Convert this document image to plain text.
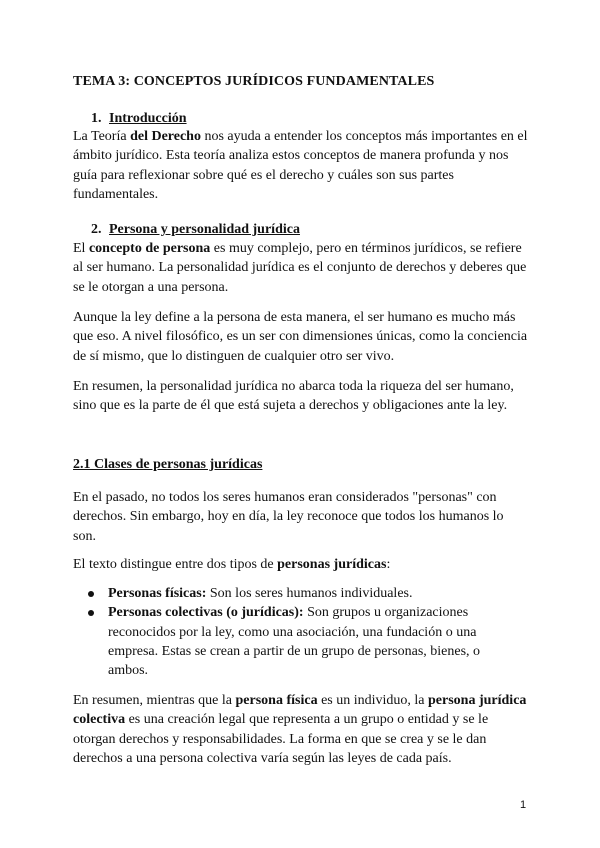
TEMA 3: CONCEPTOS JURÍDICOS FUNDAMENTALES
1. Introducción

La Teoría del Derecho nos ayuda a entender los conceptos más importantes en el ámbito jurídico. Esta teoría analiza estos conceptos de manera profunda y nos guía para reflexionar sobre qué es el derecho y cuáles son sus partes fundamentales.

2. Persona y personalidad jurídica

El concepto de persona es muy complejo, pero en términos jurídicos, se refiere al ser humano. La personalidad jurídica es el conjunto de derechos y deberes que se le otorgan a una persona.

Aunque la ley define a la persona de esta manera, el ser humano es mucho más que eso. A nivel filosófico, es un ser con dimensiones únicas, como la conciencia de sí mismo, que lo distinguen de cualquier otro ser vivo.

En resumen, la personalidad jurídica no abarca toda la riqueza del ser humano, sino que es la parte de él que está sujeta a derechos y obligaciones ante la ley.

2.1 Clases de personas jurídicas

En el pasado, no todos los seres humanos eran considerados "personas" con derechos. Sin embargo, hoy en día, la ley reconoce que todos los humanos lo son.

El texto distingue entre dos tipos de personas jurídicas:

Personas físicas: Son los seres humanos individuales.
Personas colectivas (o jurídicas): Son grupos u organizaciones reconocidos por la ley, como una asociación, una fundación o una empresa. Estas se crean a partir de un grupo de personas, bienes, o ambos.

En resumen, mientras que la persona física es un individuo, la persona jurídica colectiva es una creación legal que representa a un grupo o entidad y se le otorgan derechos y responsabilidades. La forma en que se crea y se le dan derechos a una persona colectiva varía según las leyes de cada país.

1
